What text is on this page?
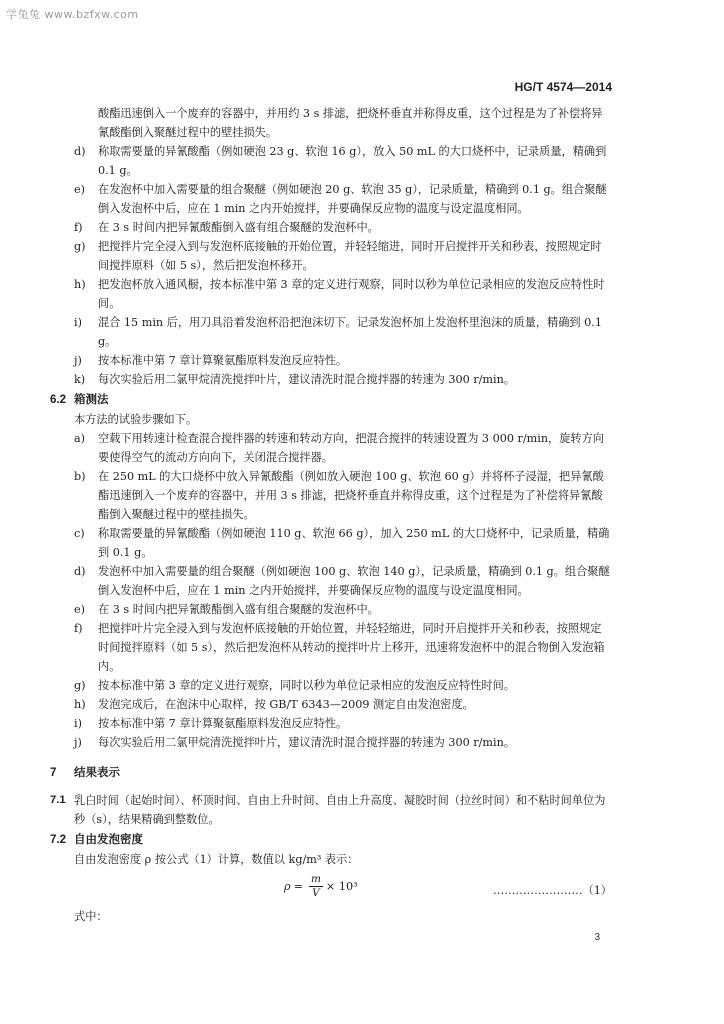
学兔兔 www.bzfxw.com
HG/T 4574—2014

酸酯迅速倒入一个废弃的容器中，并用约 3 s 排滤，把烧杯垂直并称得皮重，这个过程是为了补偿将异氰酸酯倒入聚醚过程中的壁挂损失。

d) 称取需要量的异氰酸酯（例如硬泡 23 g、软泡 16 g），放入 50 mL 的大口烧杯中，记录质量，精确到 0.1 g。

e) 在发泡杯中加入需要量的组合聚醚（例如硬泡 20 g、软泡 35 g），记录质量，精确到 0.1 g。组合聚醚倒入发泡杯中后，应在 1 min 之内开始搅拌，并要确保反应物的温度与设定温度相同。

f) 在 3 s 时间内把异氰酸酯倒入盛有组合聚醚的发泡杯中。

g) 把搅拌片完全浸入到与发泡杯底接触的开始位置，并轻轻缩进，同时开启搅拌开关和秒表，按照规定时间搅拌原料（如 5 s），然后把发泡杯移开。

h) 把发泡杯放入通风橱，按本标准中第 3 章的定义进行观察，同时以秒为单位记录相应的发泡反应特性时间。

i) 混合 15 min 后，用刀具沿着发泡杯沿把泡沫切下。记录发泡杯加上发泡杯里泡沫的质量，精确到 0.1 g。

j) 按本标准中第 7 章计算聚氨酯原料发泡反应特性。

k) 每次实验后用二氯甲烷清洗搅拌叶片，建议清洗时混合搅拌器的转速为 300 r/min。

6.2 箱测法

本方法的试验步骤如下。

a) 空载下用转速计检查混合搅拌器的转速和转动方向，把混合搅拌的转速设置为 3 000 r/min，旋转方向要使得空气的流动方向向下，关闭混合搅拌器。

b) 在 250 mL 的大口烧杯中放入异氰酸酯（例如放入硬泡 100 g、软泡 60 g）并将杯子浸湿，把异氰酸酯迅速倒入一个废弃的容器中，并用 3 s 排滤，把烧杯垂直并称得皮重，这个过程是为了补偿将异氰酸酯倒入聚醚过程中的壁挂损失。

c) 称取需要量的异氰酸酯（例如硬泡 110 g、软泡 66 g），加入 250 mL 的大口烧杯中，记录质量，精确到 0.1 g。

d) 发泡杯中加入需要量的组合聚醚（例如硬泡 100 g、软泡 140 g），记录质量，精确到 0.1 g。组合聚醚倒入发泡杯中后，应在 1 min 之内开始搅拌，并要确保反应物的温度与设定温度相同。

e) 在 3 s 时间内把异氰酸酯倒入盛有组合聚醚的发泡杯中。

f) 把搅拌叶片完全浸入到与发泡杯底接触的开始位置，并轻轻缩进，同时开启搅拌开关和秒表，按照规定时间搅拌原料（如 5 s），然后把发泡杯从转动的搅拌叶片上移开，迅速将发泡杯中的混合物倒入发泡箱内。

g) 按本标准中第 3 章的定义进行观察，同时以秒为单位记录相应的发泡反应特性时间。

h) 发泡完成后，在泡沫中心取样，按 GB/T 6343—2009 测定自由发泡密度。

i) 按本标准中第 7 章计算聚氨酯原料发泡反应特性。

j) 每次实验后用二氯甲烷清洗搅拌叶片，建议清洗时混合搅拌器的转速为 300 r/min。

7 结果表示

7.1 乳白时间（起始时间）、杯顶时间、自由上升时间、自由上升高度、凝胶时间（拉丝时间）和不粘时间单位为秒（s），结果精确到整数位。

7.2 自由发泡密度

自由发泡密度 ρ 按公式（1）计算，数值以 kg/m³ 表示：

$\rho = \frac{m}{V} \times 10^3$	……………………（1）

式中：

3
